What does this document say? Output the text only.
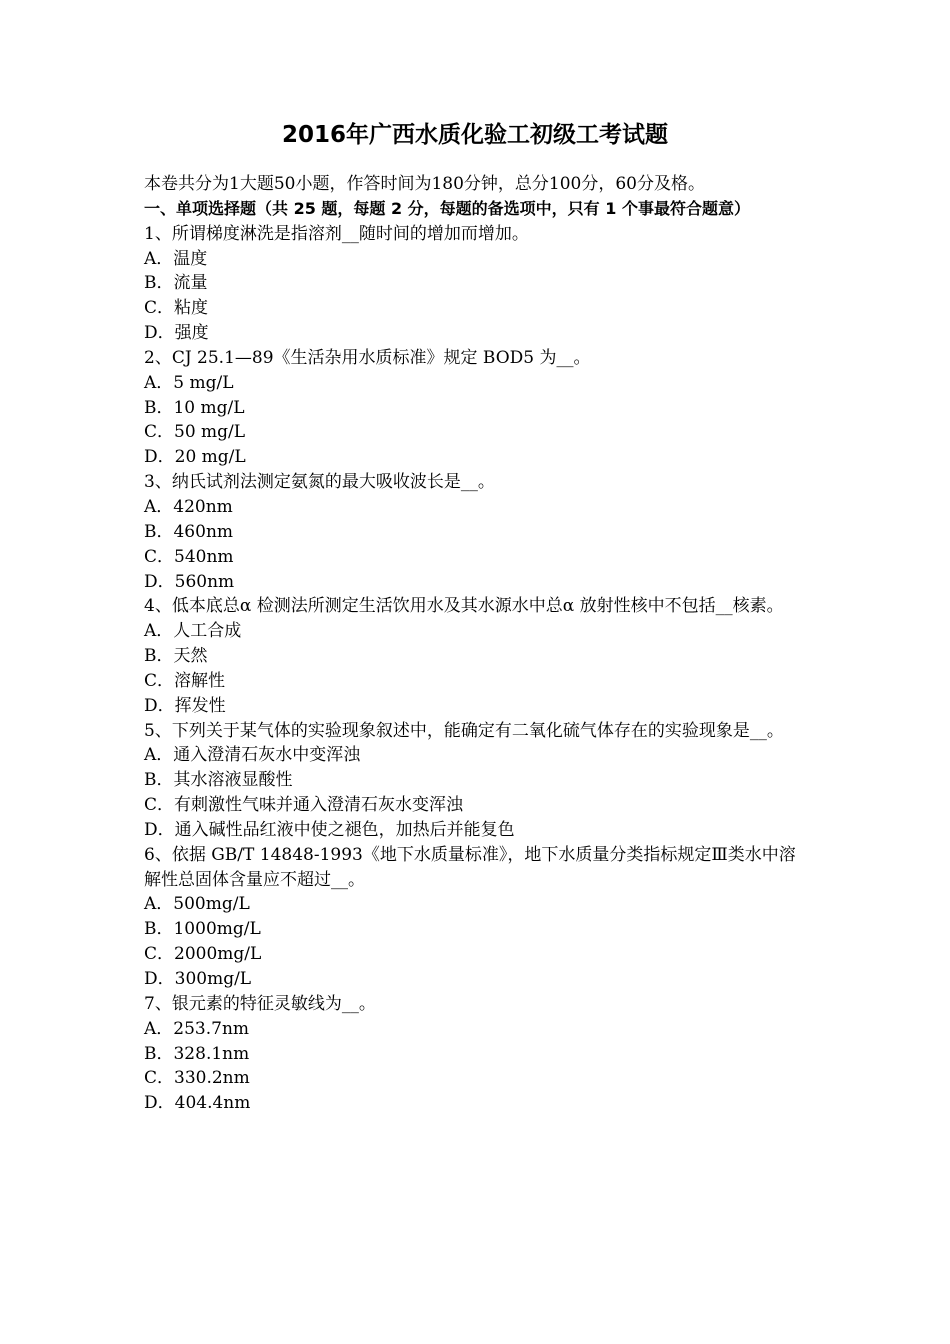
2016年广西水质化验工初级工考试题
本卷共分为1大题50小题，作答时间为180分钟，总分100分，60分及格。
一、单项选择题（共 25 题，每题 2 分，每题的备选项中，只有 1 个事最符合题意）
1、所谓梯度淋洗是指溶剂__随时间的增加而增加。
A．温度
B．流量
C．粘度
D．强度
2、CJ 25.1—89《生活杂用水质标准》规定 BOD5 为__。
A．5 mg/L
B．10 mg/L
C．50 mg/L
D．20 mg/L
3、纳氏试剂法测定氨氮的最大吸收波长是__。
A．420nm
B．460nm
C．540nm
D．560nm
4、低本底总α 检测法所测定生活饮用水及其水源水中总α 放射性核中不包括__核素。
A．人工合成
B．天然
C．溶解性
D．挥发性
5、下列关于某气体的实验现象叙述中，能确定有二氧化硫气体存在的实验现象是__。
A．通入澄清石灰水中变浑浊
B．其水溶液显酸性
C．有刺激性气味并通入澄清石灰水变浑浊
D．通入碱性品红液中使之褪色，加热后并能复色
6、依据 GB/T 14848-1993《地下水质量标准》，地下水质量分类指标规定Ⅲ类水中溶解性总固体含量应不超过__。
A．500mg/L
B．1000mg/L
C．2000mg/L
D．300mg/L
7、银元素的特征灵敏线为__。
A．253.7nm
B．328.1nm
C．330.2nm
D．404.4nm
